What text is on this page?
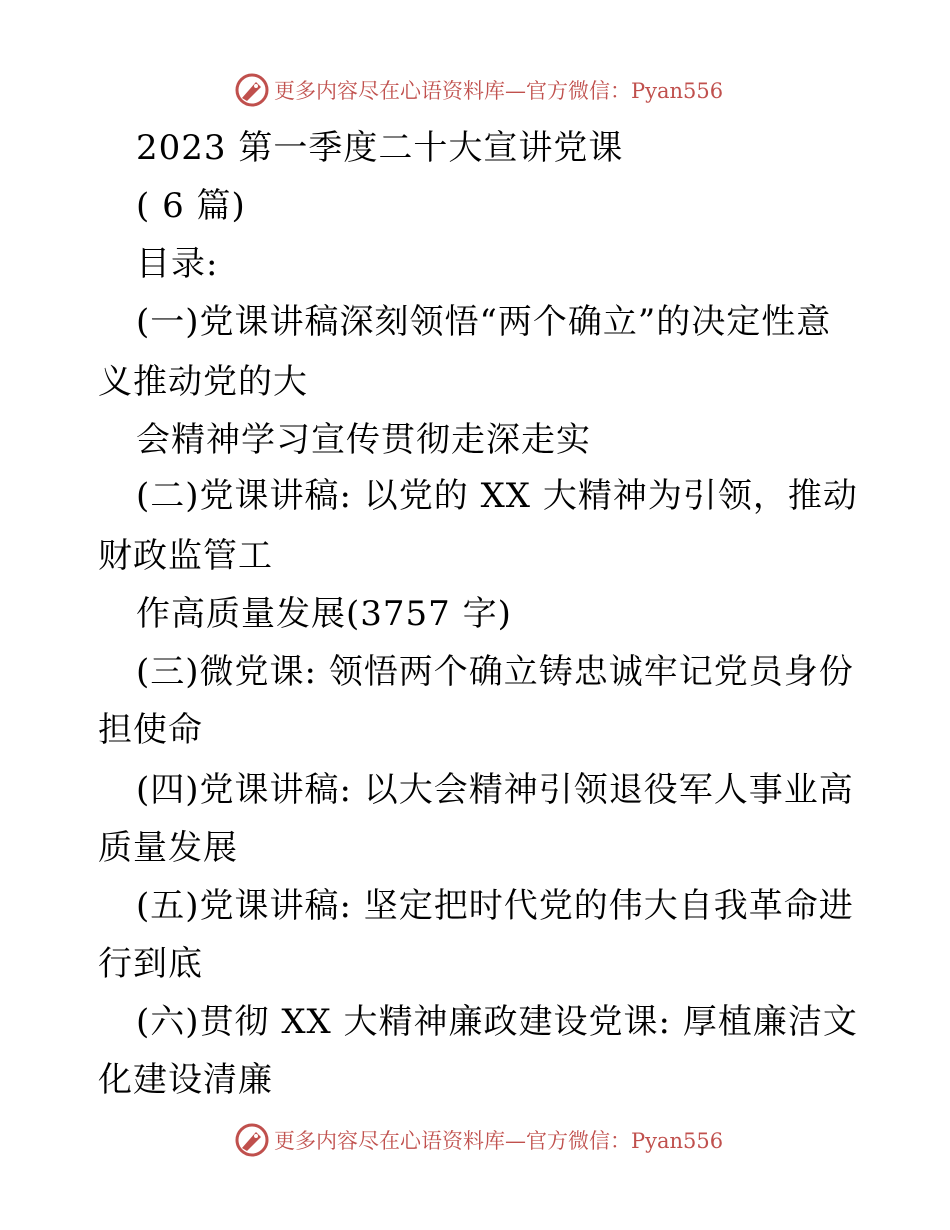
更多内容尽在心语资料库—官方微信：Pyan556
2023 第一季度二十大宣讲党课
( 6 篇)
目录:
(一)党课讲稿深刻领悟“两个确立”的决定性意
义推动党的大
会精神学习宣传贯彻走深走实
(二)党课讲稿: 以党的 XX 大精神为引领，推动
财政监管工
作高质量发展(3757 字)
(三)微党课: 领悟两个确立铸忠诚牢记党员身份
担使命
(四)党课讲稿: 以大会精神引领退役军人事业高
质量发展
(五)党课讲稿: 坚定把时代党的伟大自我革命进
行到底
(六)贯彻 XX 大精神廉政建设党课: 厚植廉洁文
化建设清廉
更多内容尽在心语资料库—官方微信：Pyan556
